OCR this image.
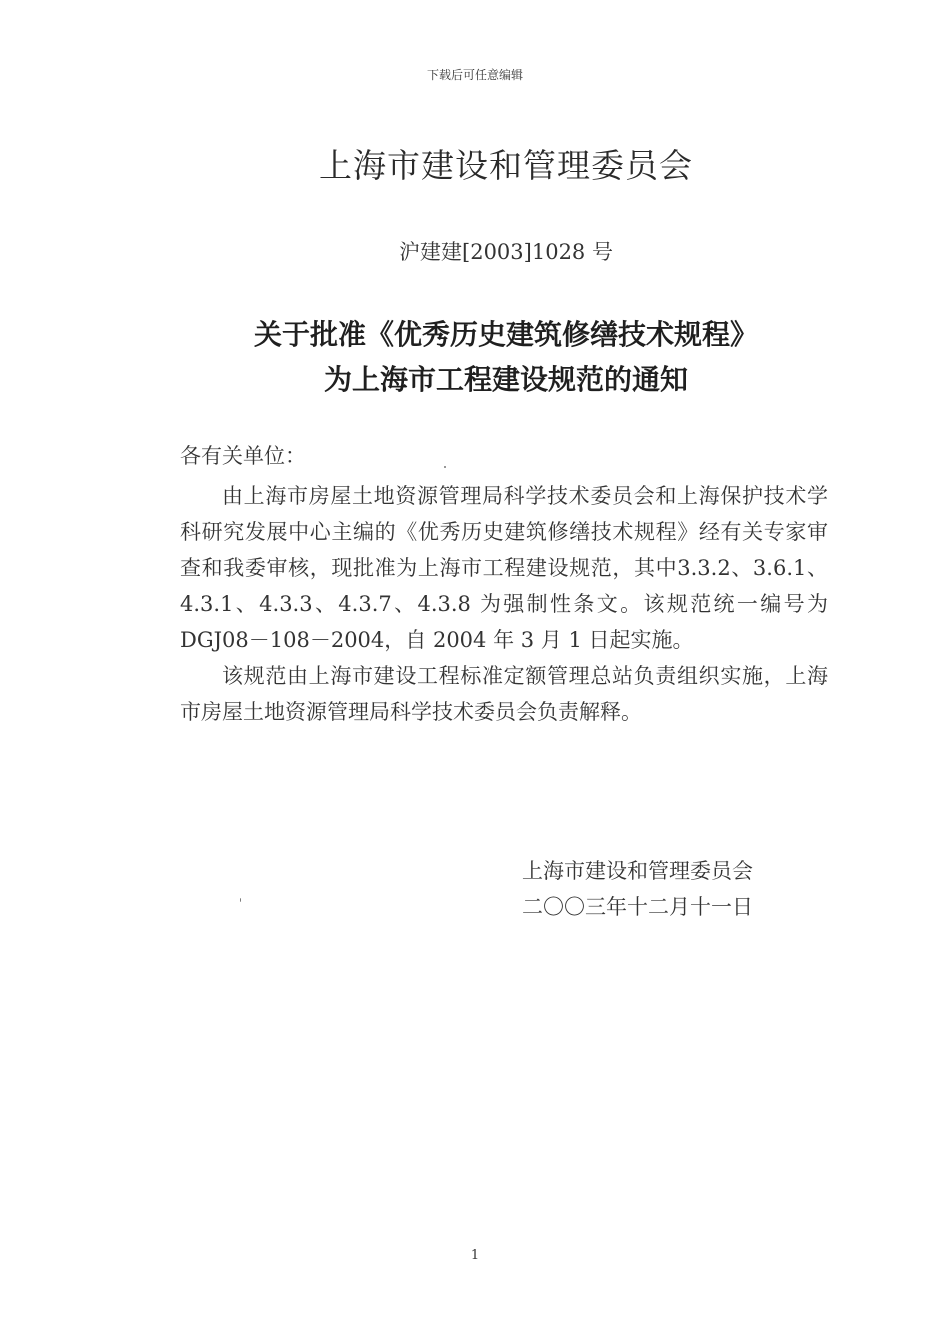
下载后可任意编辑
上海市建设和管理委员会
沪建建[2003]1028 号
关于批准《优秀历史建筑修缮技术规程》
为上海市工程建设规范的通知
各有关单位：

由上海市房屋土地资源管理局科学技术委员会和上海保护技术学科研究发展中心主编的《优秀历史建筑修缮技术规程》经有关专家审查和我委审核，现批准为上海市工程建设规范，其中3.3.2、3.6.1、4.3.1、4.3.3、4.3.7、4.3.8 为强制性条文。该规范统一编号为 DGJ08－108－2004，自 2004 年 3 月 1 日起实施。

该规范由上海市建设工程标准定额管理总站负责组织实施，上海市房屋土地资源管理局科学技术委员会负责解释。

上海市建设和管理委员会
二〇〇三年十二月十一日
1
